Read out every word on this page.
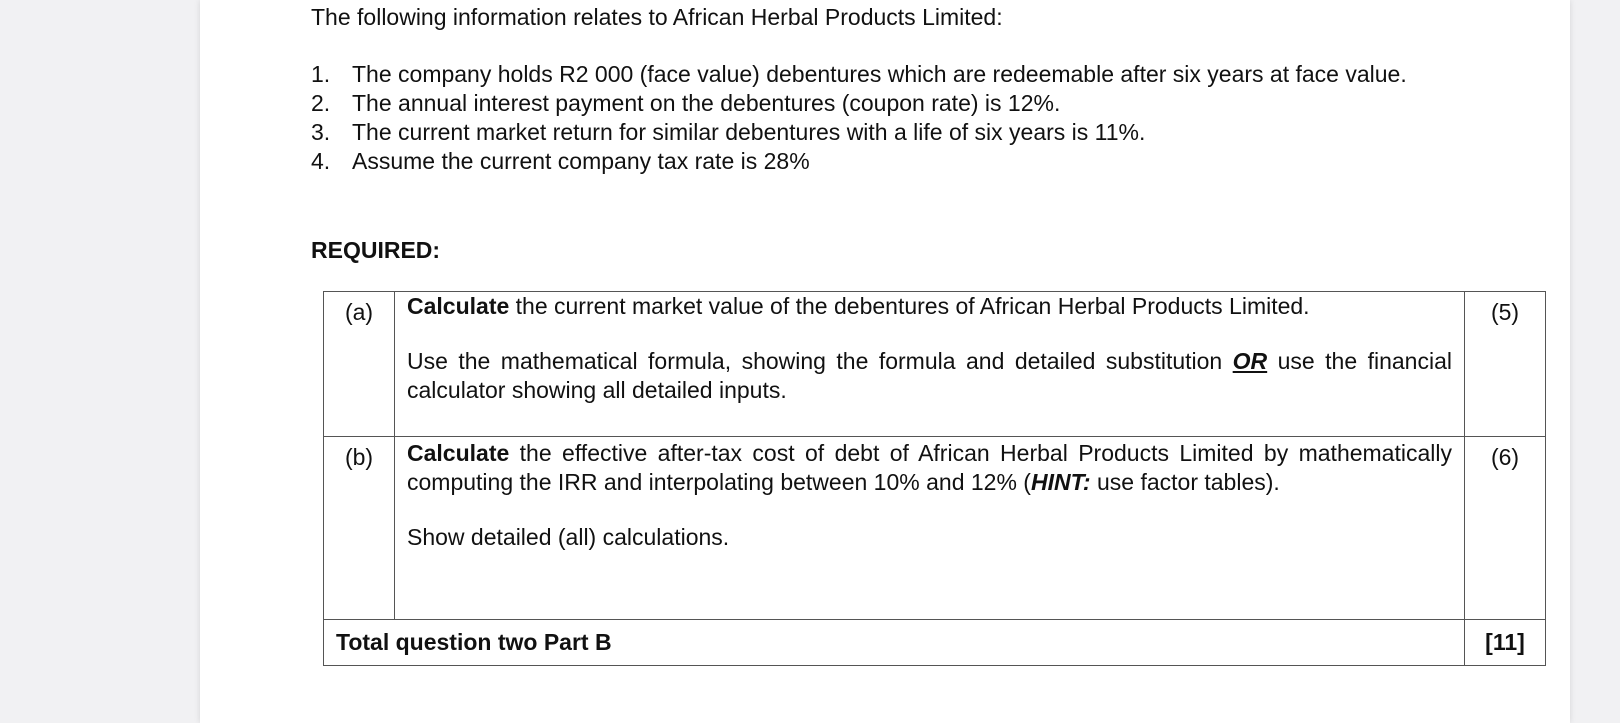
The following information relates to African Herbal Products Limited:

1. The company holds R2 000 (face value) debentures which are redeemable after six years at face value.
2. The annual interest payment on the debentures (coupon rate) is 12%.
3. The current market return for similar debentures with a life of six years is 11%.
4. Assume the current company tax rate is 28%

REQUIRED:

(a)	Calculate the current market value of the debentures of African Herbal Products Limited.

Use the mathematical formula, showing the formula and detailed substitution OR use the financial calculator showing all detailed inputs.	(5)
(b)	Calculate the effective after-tax cost of debt of African Herbal Products Limited by mathematically computing the IRR and interpolating between 10% and 12% (HINT: use factor tables).

Show detailed (all) calculations.	(6)
Total question two Part B		[11]
